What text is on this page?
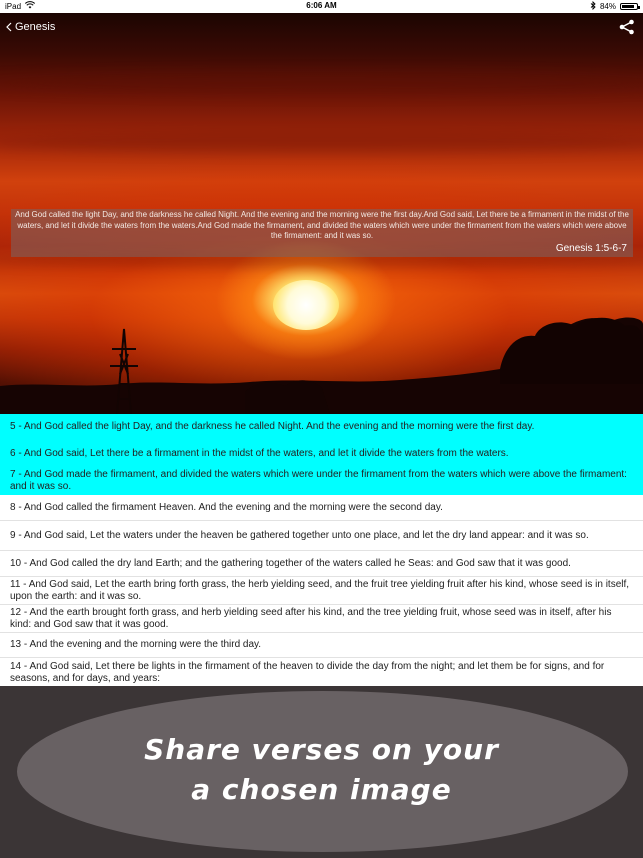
iPad	6:06 AM	84%
Genesis
And God called the light Day, and the darkness he called Night. And the evening and the morning were the first day.And God said, Let there be a firmament in the midst of the waters, and let it divide the waters from the waters.And God made the firmament, and divided the waters which were under the firmament from the waters which were above the firmament: and it was so.
Genesis 1:5-6-7
5 - And God called the light Day, and the darkness he called Night. And the evening and the morning were the first day.
6 - And God said, Let there be a firmament in the midst of the waters, and let it divide the waters from the waters.
7 - And God made the firmament, and divided the waters which were under the firmament from the waters which were above the firmament: and it was so.
8 - And God called the firmament Heaven. And the evening and the morning were the second day.
9 - And God said, Let the waters under the heaven be gathered together unto one place, and let the dry land appear: and it was so.
10 - And God called the dry land Earth; and the gathering together of the waters called he Seas: and God saw that it was good.
11 - And God said, Let the earth bring forth grass, the herb yielding seed, and the fruit tree yielding fruit after his kind, whose seed is in itself, upon the earth: and it was so.
12 - And the earth brought forth grass, and herb yielding seed after his kind, and the tree yielding fruit, whose seed was in itself, after his kind: and God saw that it was good.
13 - And the evening and the morning were the third day.
14 - And God said, Let there be lights in the firmament of the heaven to divide the day from the night; and let them be for signs, and for seasons, and for days, and years:
Share verses on your
a chosen image
